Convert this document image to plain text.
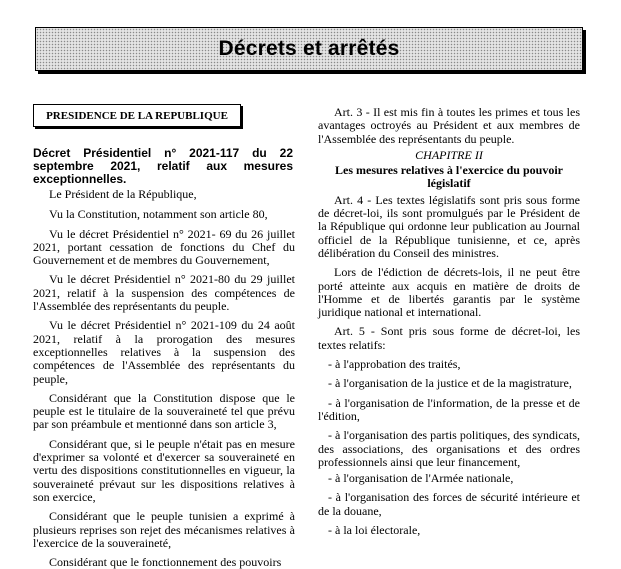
Décrets et arrêtés
PRESIDENCE DE LA REPUBLIQUE
Décret Présidentiel n° 2021-117 du 22 septembre 2021, relatif aux mesures exceptionnelles.

Le Président de la République,

Vu la Constitution, notamment son article 80,

Vu le décret Présidentiel n° 2021- 69 du 26 juillet 2021, portant cessation de fonctions du Chef du Gouvernement et de membres du Gouvernement,

Vu le décret Présidentiel n° 2021-80 du 29 juillet 2021, relatif à la suspension des compétences de l'Assemblée des représentants du peuple.

Vu le décret Présidentiel n° 2021-109 du 24 août 2021, relatif à la prorogation des mesures exceptionnelles relatives à la suspension des compétences de l'Assemblée des représentants du peuple,

Considérant que la Constitution dispose que le peuple est le titulaire de la souveraineté tel que prévu par son préambule et mentionné dans son article 3,

Considérant que, si le peuple n'était pas en mesure d'exprimer sa volonté et d'exercer sa souveraineté en vertu des dispositions constitutionnelles en vigueur, la souveraineté prévaut sur les dispositions relatives à son exercice,

Considérant que le peuple tunisien a exprimé à plusieurs reprises son rejet des mécanismes relatives à l'exercice de la souveraineté,

Considérant que le fonctionnement des pouvoirs

Art. 3 - Il est mis fin à toutes les primes et tous les avantages octroyés au Président et aux membres de l'Assemblée des représentants du peuple.

CHAPITRE II

Les mesures relatives à l'exercice du pouvoir législatif

Art. 4 - Les textes législatifs sont pris sous forme de décret-loi, ils sont promulgués par le Président de la République qui ordonne leur publication au Journal officiel de la République tunisienne, et ce, après délibération du Conseil des ministres.

Lors de l'édiction de décrets-lois, il ne peut être porté atteinte aux acquis en matière de droits de l'Homme et de libertés garantis par le système juridique national et international.

Art. 5 - Sont pris sous forme de décret-loi, les textes relatifs:

- à l'approbation des traités,

- à l'organisation de la justice et de la magistrature,

- à l'organisation de l'information, de la presse et de l'édition,

- à l'organisation des partis politiques, des syndicats, des associations, des organisations et des ordres professionnels ainsi que leur financement,

- à l'organisation de l'Armée nationale,

- à l'organisation des forces de sécurité intérieure et de la douane,

- à la loi électorale,
